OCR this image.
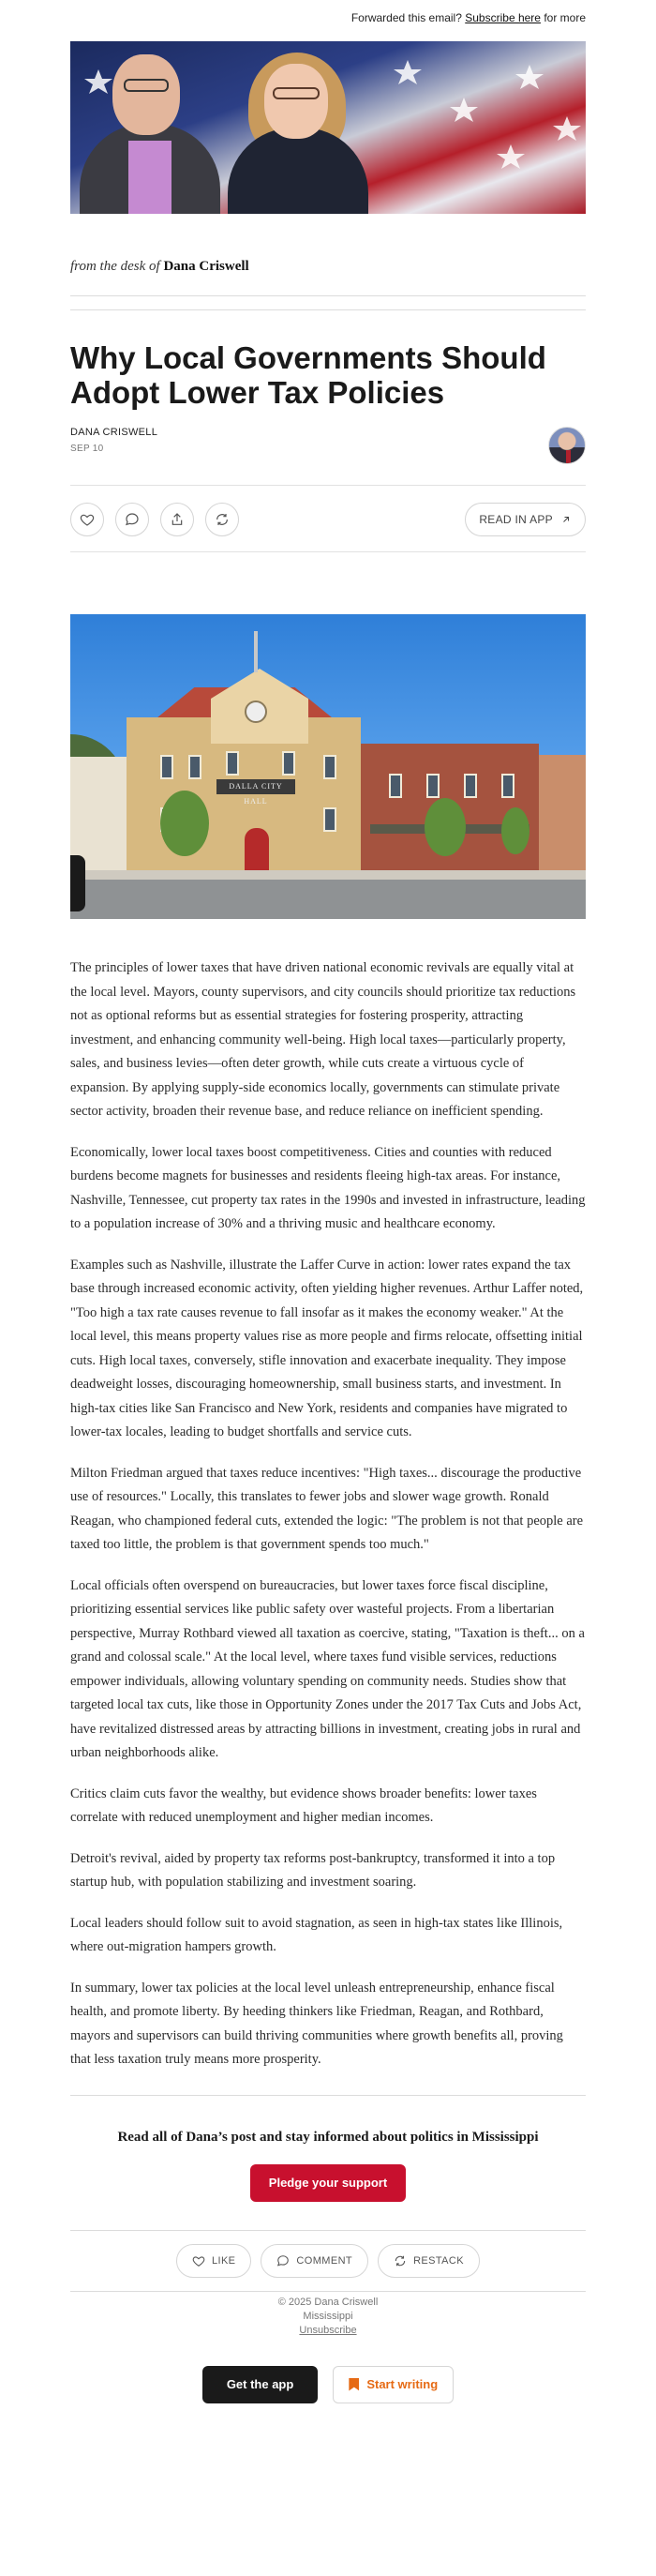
Forwarded this email? Subscribe here for more
from the desk of Dana Criswell
Why Local Governments Should Adopt Lower Tax Policies
DANA CRISWELL
SEP 10
READ IN APP
DALLA CITY HALL

The principles of lower taxes that have driven national economic revivals are equally vital at the local level. Mayors, county supervisors, and city councils should prioritize tax reductions not as optional reforms but as essential strategies for fostering prosperity, attracting investment, and enhancing community well-being. High local taxes—particularly property, sales, and business levies—often deter growth, while cuts create a virtuous cycle of expansion. By applying supply-side economics locally, governments can stimulate private sector activity, broaden their revenue base, and reduce reliance on inefficient spending.

Economically, lower local taxes boost competitiveness. Cities and counties with reduced burdens become magnets for businesses and residents fleeing high-tax areas. For instance, Nashville, Tennessee, cut property tax rates in the 1990s and invested in infrastructure, leading to a population increase of 30% and a thriving music and healthcare economy.

Examples such as Nashville, illustrate the Laffer Curve in action: lower rates expand the tax base through increased economic activity, often yielding higher revenues. Arthur Laffer noted, "Too high a tax rate causes revenue to fall insofar as it makes the economy weaker." At the local level, this means property values rise as more people and firms relocate, offsetting initial cuts. High local taxes, conversely, stifle innovation and exacerbate inequality. They impose deadweight losses, discouraging homeownership, small business starts, and investment. In high-tax cities like San Francisco and New York, residents and companies have migrated to lower-tax locales, leading to budget shortfalls and service cuts.

Milton Friedman argued that taxes reduce incentives: "High taxes... discourage the productive use of resources." Locally, this translates to fewer jobs and slower wage growth. Ronald Reagan, who championed federal cuts, extended the logic: "The problem is not that people are taxed too little, the problem is that government spends too much."

Local officials often overspend on bureaucracies, but lower taxes force fiscal discipline, prioritizing essential services like public safety over wasteful projects. From a libertarian perspective, Murray Rothbard viewed all taxation as coercive, stating, "Taxation is theft... on a grand and colossal scale." At the local level, where taxes fund visible services, reductions empower individuals, allowing voluntary spending on community needs. Studies show that targeted local tax cuts, like those in Opportunity Zones under the 2017 Tax Cuts and Jobs Act, have revitalized distressed areas by attracting billions in investment, creating jobs in rural and urban neighborhoods alike.

Critics claim cuts favor the wealthy, but evidence shows broader benefits: lower taxes correlate with reduced unemployment and higher median incomes.

Detroit's revival, aided by property tax reforms post-bankruptcy, transformed it into a top startup hub, with population stabilizing and investment soaring.

Local leaders should follow suit to avoid stagnation, as seen in high-tax states like Illinois, where out-migration hampers growth.

In summary, lower tax policies at the local level unleash entrepreneurship, enhance fiscal health, and promote liberty. By heeding thinkers like Friedman, Reagan, and Rothbard, mayors and supervisors can build thriving communities where growth benefits all, proving that less taxation truly means more prosperity.

Read all of Dana’s post and stay informed about politics in Mississippi
Pledge your support
LIKE	COMMENT	RESTACK
© 2025 Dana Criswell
Mississippi
Unsubscribe
Get the app	Start writing
